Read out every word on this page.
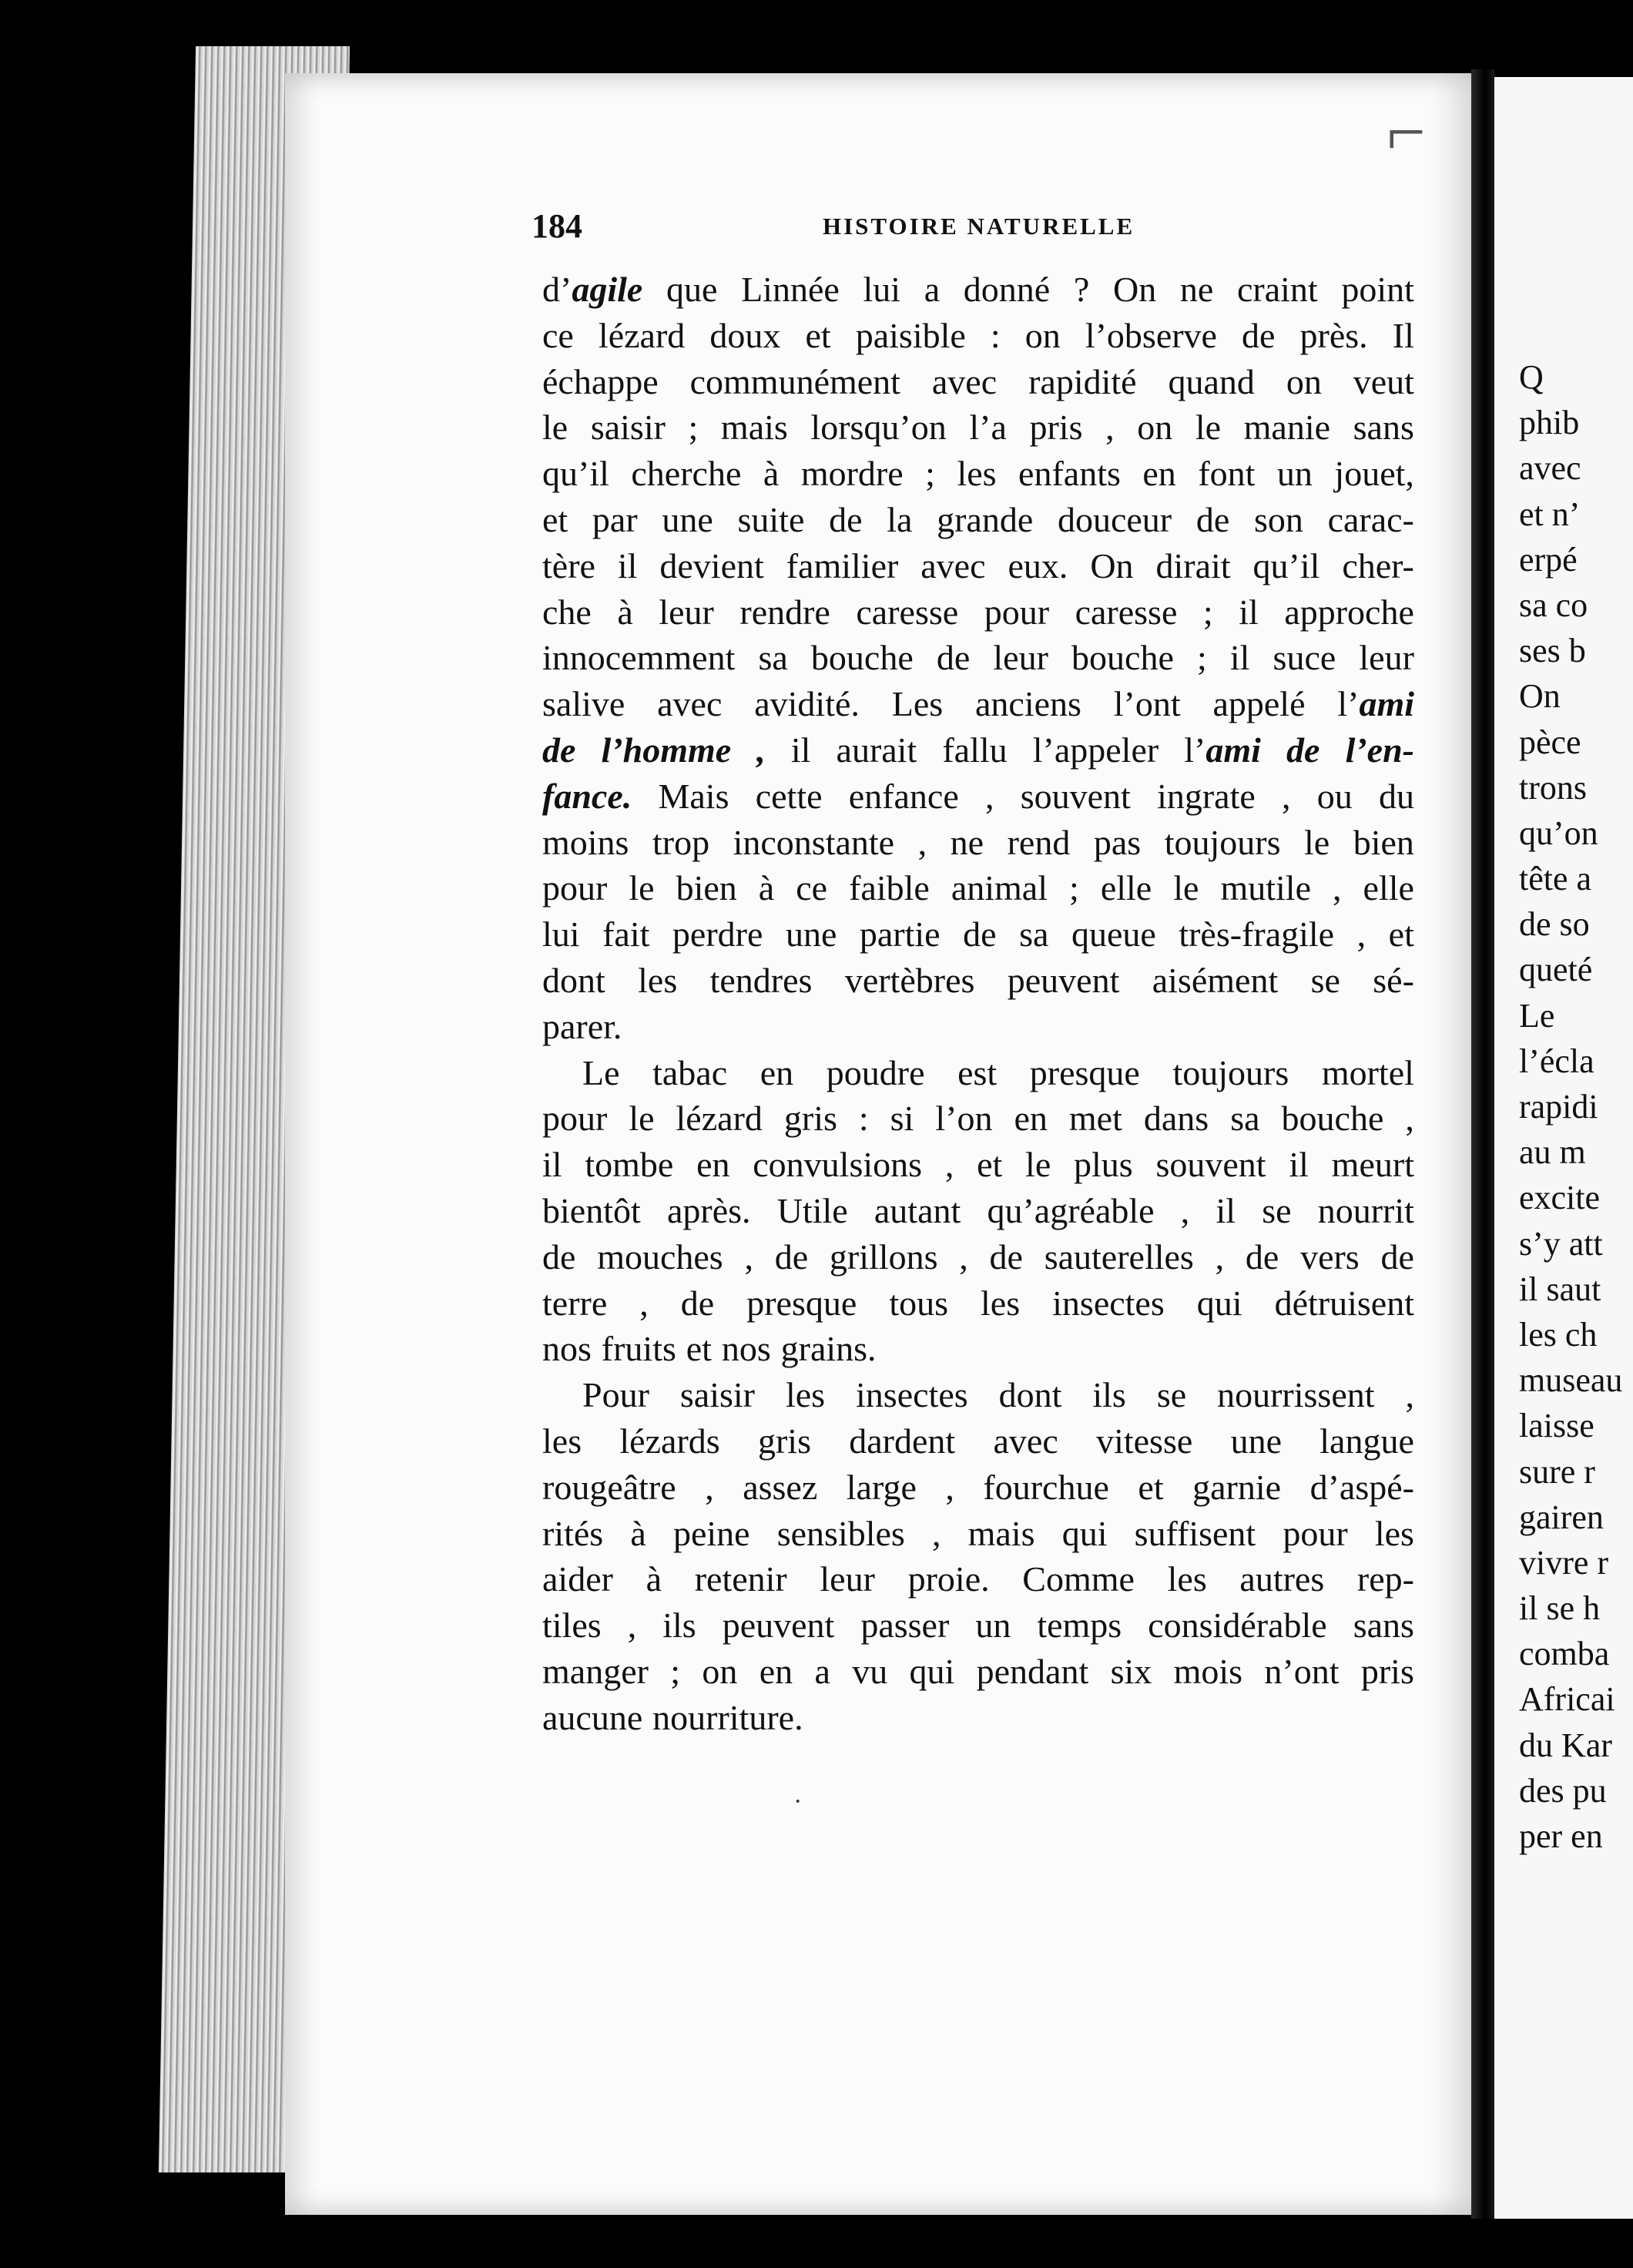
Q
phib
avec
et n’
erpé
sa co
ses b
On
pèce
trons
qu’on
tête a
de so
queté
Le
l’écla
rapidi
au m
excite
s’y att
il saut
les ch
museau
laisse
sure r
gairen
vivre r
il se h
comba
Africai
du Kar
des pu
per en
184	HISTOIRE NATURELLE
d’agile que Linnée lui a donné ? On ne craint point
ce lézard doux et paisible : on l’observe de près. Il
échappe communément avec rapidité quand on veut
le saisir ; mais lorsqu’on l’a pris , on le manie sans
qu’il cherche à mordre ; les enfants en font un jouet,
et par une suite de la grande douceur de son carac-
tère il devient familier avec eux. On dirait qu’il cher-
che à leur rendre caresse pour caresse ; il approche
innocemment sa bouche de leur bouche ; il suce leur
salive avec avidité. Les anciens l’ont appelé l’ami
de l’homme , il aurait fallu l’appeler l’ami de l’en-
fance. Mais cette enfance , souvent ingrate , ou du
moins trop inconstante , ne rend pas toujours le bien
pour le bien à ce faible animal ; elle le mutile , elle
lui fait perdre une partie de sa queue très-fragile , et
dont les tendres vertèbres peuvent aisément se sé-
parer.
Le tabac en poudre est presque toujours mortel
pour le lézard gris : si l’on en met dans sa bouche ,
il tombe en convulsions , et le plus souvent il meurt
bientôt après. Utile autant qu’agréable , il se nourrit
de mouches , de grillons , de sauterelles , de vers de
terre , de presque tous les insectes qui détruisent
nos fruits et nos grains.
Pour saisir les insectes dont ils se nourrissent ,
les lézards gris dardent avec vitesse une langue
rougeâtre , assez large , fourchue et garnie d’aspé-
rités à peine sensibles , mais qui suffisent pour les
aider à retenir leur proie. Comme les autres rep-
tiles , ils peuvent passer un temps considérable sans
manger ; on en a vu qui pendant six mois n’ont pris
aucune nourriture.
⌐
·
